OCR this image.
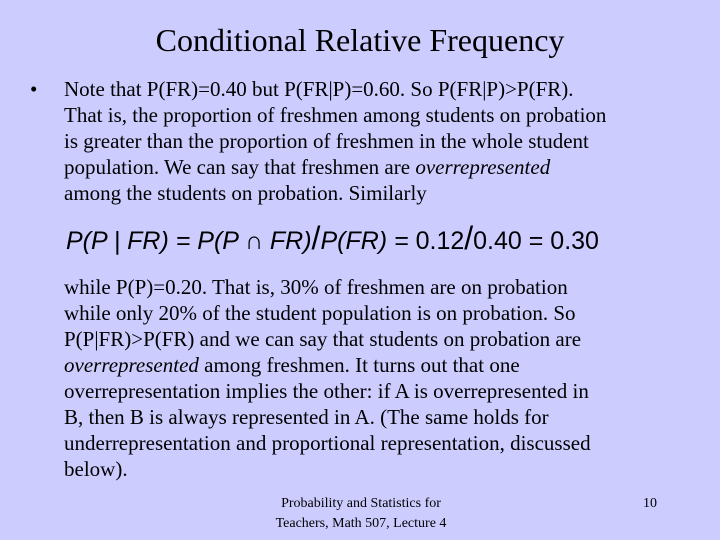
Conditional Relative Frequency
• Note that P(FR)=0.40 but P(FR|P)=0.60. So P(FR|P)>P(FR).
That is, the proportion of freshmen among students on probation
is greater than the proportion of freshmen in the whole student
population. We can say that freshmen are overrepresented
among the students on probation. Similarly
while P(P)=0.20. That is, 30% of freshmen are on probation
while only 20% of the student population is on probation. So
P(P|FR)>P(FR) and we can say that students on probation are
overrepresented among freshmen. It turns out that one
overrepresentation implies the other: if A is overrepresented in
B, then B is always represented in A. (The same holds for
underrepresentation and proportional representation, discussed
below).
P(P | FR) = P(P ∩ FR)/P(FR) = 0.12/0.40 = 0.30
Probability and Statistics for
Teachers, Math 507, Lecture 4
10
